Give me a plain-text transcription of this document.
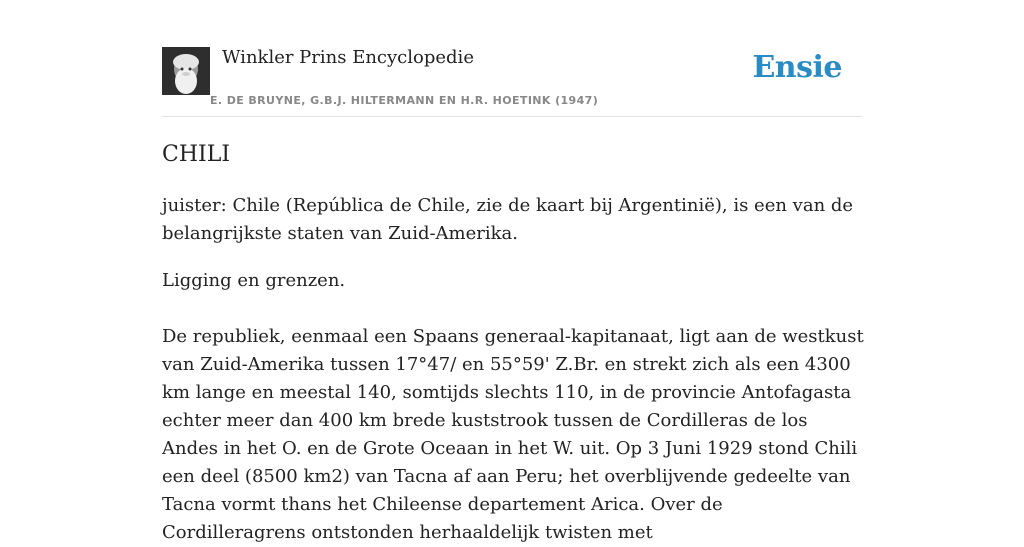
Winkler Prins Encyclopedie
E. DE BRUYNE, G.B.J. HILTERMANN EN H.R. HOETINK (1947)
Ensie
CHILI

juister: Chile (República de Chile, zie de kaart bij Argentinië), is een van de belangrijkste staten van Zuid-Amerika.

Ligging en grenzen.

De republiek, eenmaal een Spaans generaal-kapitanaat, ligt aan de westkust van Zuid-Amerika tussen 17°47/ en 55°59' Z.Br. en strekt zich als een 4300 km lange en meestal 140, somtijds slechts 110, in de provincie Antofagasta echter meer dan 400 km brede kuststrook tussen de Cordilleras de los Andes in het O. en de Grote Oceaan in het W. uit. Op 3 Juni 1929 stond Chili een deel (8500 km2) van Tacna af aan Peru; het overblijvende gedeelte van Tacna vormt thans het Chileense departement Arica. Over de Cordilleragrens ontstonden herhaaldelijk twisten met
